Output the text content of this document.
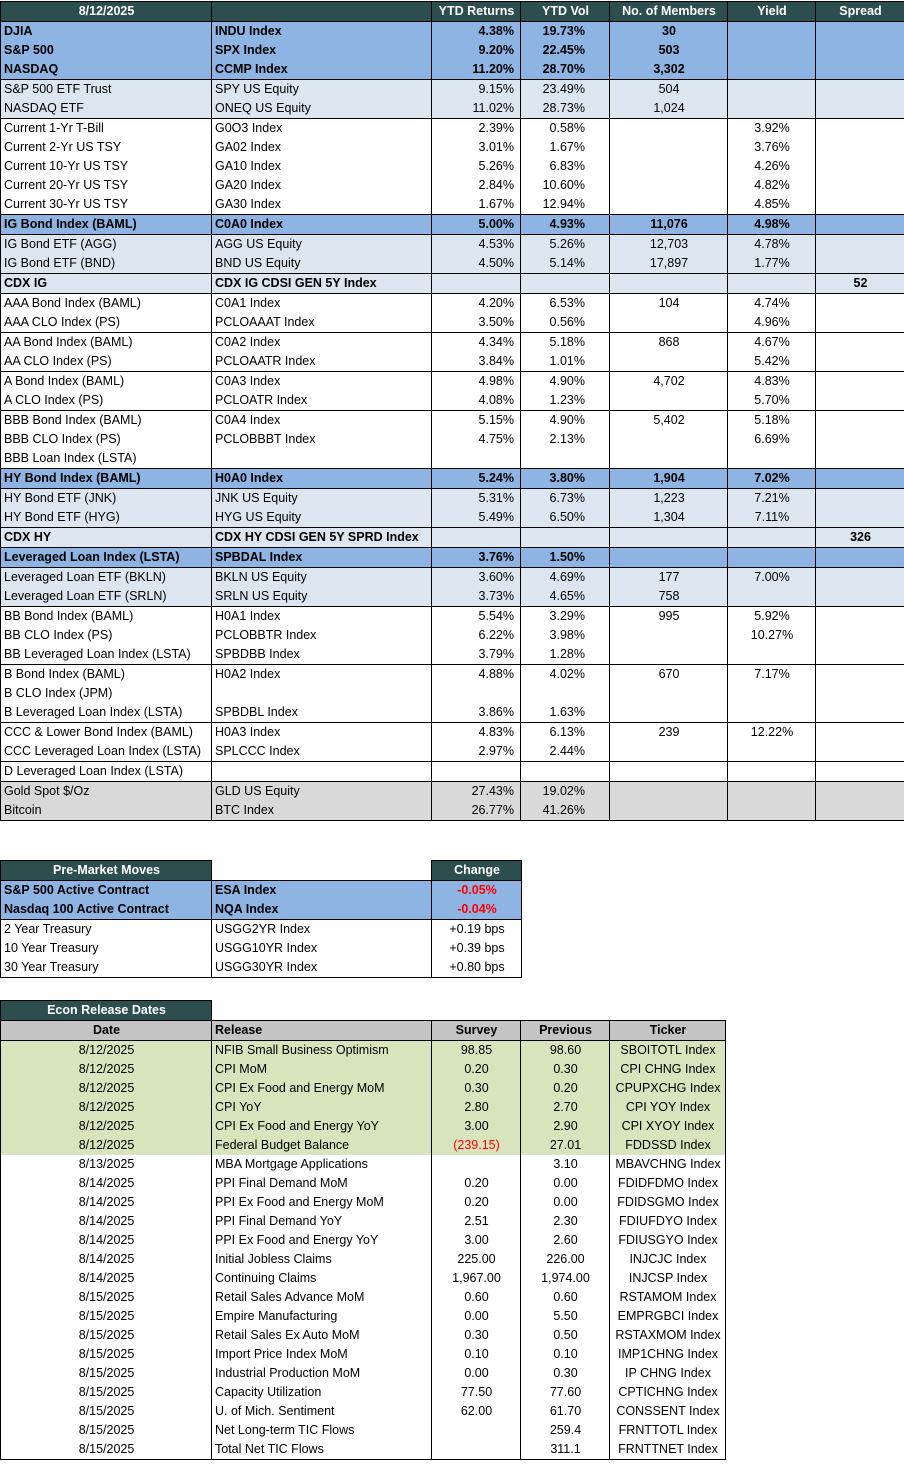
8/12/2025		YTD Returns	YTD Vol	No. of Members	Yield	Spread
DJIA	INDU Index	4.38%	19.73%	30		
S&P 500	SPX Index	9.20%	22.45%	503		
NASDAQ	CCMP Index	11.20%	28.70%	3,302		
S&P 500 ETF Trust	SPY US Equity	9.15%	23.49%	504		
NASDAQ ETF	ONEQ US Equity	11.02%	28.73%	1,024		
Current 1-Yr T-Bill	G0O3 Index	2.39%	0.58%		3.92%	
Current 2-Yr US TSY	GA02 Index	3.01%	1.67%		3.76%	
Current 10-Yr US TSY	GA10 Index	5.26%	6.83%		4.26%	
Current 20-Yr US TSY	GA20 Index	2.84%	10.60%		4.82%	
Current 30-Yr US TSY	GA30 Index	1.67%	12.94%		4.85%	
IG Bond Index (BAML)	C0A0 Index	5.00%	4.93%	11,076	4.98%	
IG Bond ETF (AGG)	AGG US Equity	4.53%	5.26%	12,703	4.78%	
IG Bond ETF (BND)	BND US Equity	4.50%	5.14%	17,897	1.77%	
CDX IG	CDX IG CDSI GEN 5Y Index					52
AAA Bond Index (BAML)	C0A1 Index	4.20%	6.53%	104	4.74%	
AAA CLO Index (PS)	PCLOAAAT Index	3.50%	0.56%		4.96%	
AA Bond Index (BAML)	C0A2 Index	4.34%	5.18%	868	4.67%	
AA CLO Index (PS)	PCLOAATR Index	3.84%	1.01%		5.42%	
A Bond Index (BAML)	C0A3 Index	4.98%	4.90%	4,702	4.83%	
A CLO Index (PS)	PCLOATR Index	4.08%	1.23%		5.70%	
BBB Bond Index (BAML)	C0A4 Index	5.15%	4.90%	5,402	5.18%	
BBB CLO Index (PS)	PCLOBBBT Index	4.75%	2.13%		6.69%	
BBB Loan Index (LSTA)						
HY Bond Index (BAML)	H0A0 Index	5.24%	3.80%	1,904	7.02%	
HY Bond ETF (JNK)	JNK US Equity	5.31%	6.73%	1,223	7.21%	
HY Bond ETF (HYG)	HYG US Equity	5.49%	6.50%	1,304	7.11%	
CDX HY	CDX HY CDSI GEN 5Y SPRD Index					326
Leveraged Loan Index (LSTA)	SPBDAL Index	3.76%	1.50%			
Leveraged Loan ETF (BKLN)	BKLN US Equity	3.60%	4.69%	177	7.00%	
Leveraged Loan ETF (SRLN)	SRLN US Equity	3.73%	4.65%	758		
BB Bond Index (BAML)	H0A1 Index	5.54%	3.29%	995	5.92%	
BB CLO Index (PS)	PCLOBBTR Index	6.22%	3.98%		10.27%	
BB Leveraged Loan Index (LSTA)	SPBDBB Index	3.79%	1.28%			
B Bond Index (BAML)	H0A2 Index	4.88%	4.02%	670	7.17%	
B CLO Index (JPM)						
B Leveraged Loan Index (LSTA)	SPBDBL Index	3.86%	1.63%			
CCC & Lower Bond Index (BAML)	H0A3 Index	4.83%	6.13%	239	12.22%	
CCC Leveraged Loan Index (LSTA)	SPLCCC Index	2.97%	2.44%			
D Leveraged Loan Index (LSTA)						
Gold Spot $/Oz	GLD US Equity	27.43%	19.02%			
Bitcoin	BTC Index	26.77%	41.26%			
Pre-Market Moves		Change
S&P 500 Active Contract	ESA Index	-0.05%
Nasdaq 100 Active Contract	NQA Index	-0.04%
2 Year Treasury	USGG2YR Index	+0.19 bps
10 Year Treasury	USGG10YR Index	+0.39 bps
30 Year Treasury	USGG30YR Index	+0.80 bps
Econ Release Dates				
Date	Release	Survey	Previous	Ticker
8/12/2025	NFIB Small Business Optimism	98.85	98.60	SBOITOTL Index
8/12/2025	CPI MoM	0.20	0.30	CPI CHNG Index
8/12/2025	CPI Ex Food and Energy MoM	0.30	0.20	CPUPXCHG Index
8/12/2025	CPI YoY	2.80	2.70	CPI YOY Index
8/12/2025	CPI Ex Food and Energy YoY	3.00	2.90	CPI XYOY Index
8/12/2025	Federal Budget Balance	(239.15)	27.01	FDDSSD Index
8/13/2025	MBA Mortgage Applications		3.10	MBAVCHNG Index
8/14/2025	PPI Final Demand MoM	0.20	0.00	FDIDFDMO Index
8/14/2025	PPI Ex Food and Energy MoM	0.20	0.00	FDIDSGMO Index
8/14/2025	PPI Final Demand YoY	2.51	2.30	FDIUFDYO Index
8/14/2025	PPI Ex Food and Energy YoY	3.00	2.60	FDIUSGYO Index
8/14/2025	Initial Jobless Claims	225.00	226.00	INJCJC Index
8/14/2025	Continuing Claims	1,967.00	1,974.00	INJCSP Index
8/15/2025	Retail Sales Advance MoM	0.60	0.60	RSTAMOM Index
8/15/2025	Empire Manufacturing	0.00	5.50	EMPRGBCI Index
8/15/2025	Retail Sales Ex Auto MoM	0.30	0.50	RSTAXMOM Index
8/15/2025	Import Price Index MoM	0.10	0.10	IMP1CHNG Index
8/15/2025	Industrial Production MoM	0.00	0.30	IP CHNG Index
8/15/2025	Capacity Utilization	77.50	77.60	CPTICHNG Index
8/15/2025	U. of Mich. Sentiment	62.00	61.70	CONSSENT Index
8/15/2025	Net Long-term TIC Flows		259.4	FRNTTOTL Index
8/15/2025	Total Net TIC Flows		311.1	FRNTTNET Index
